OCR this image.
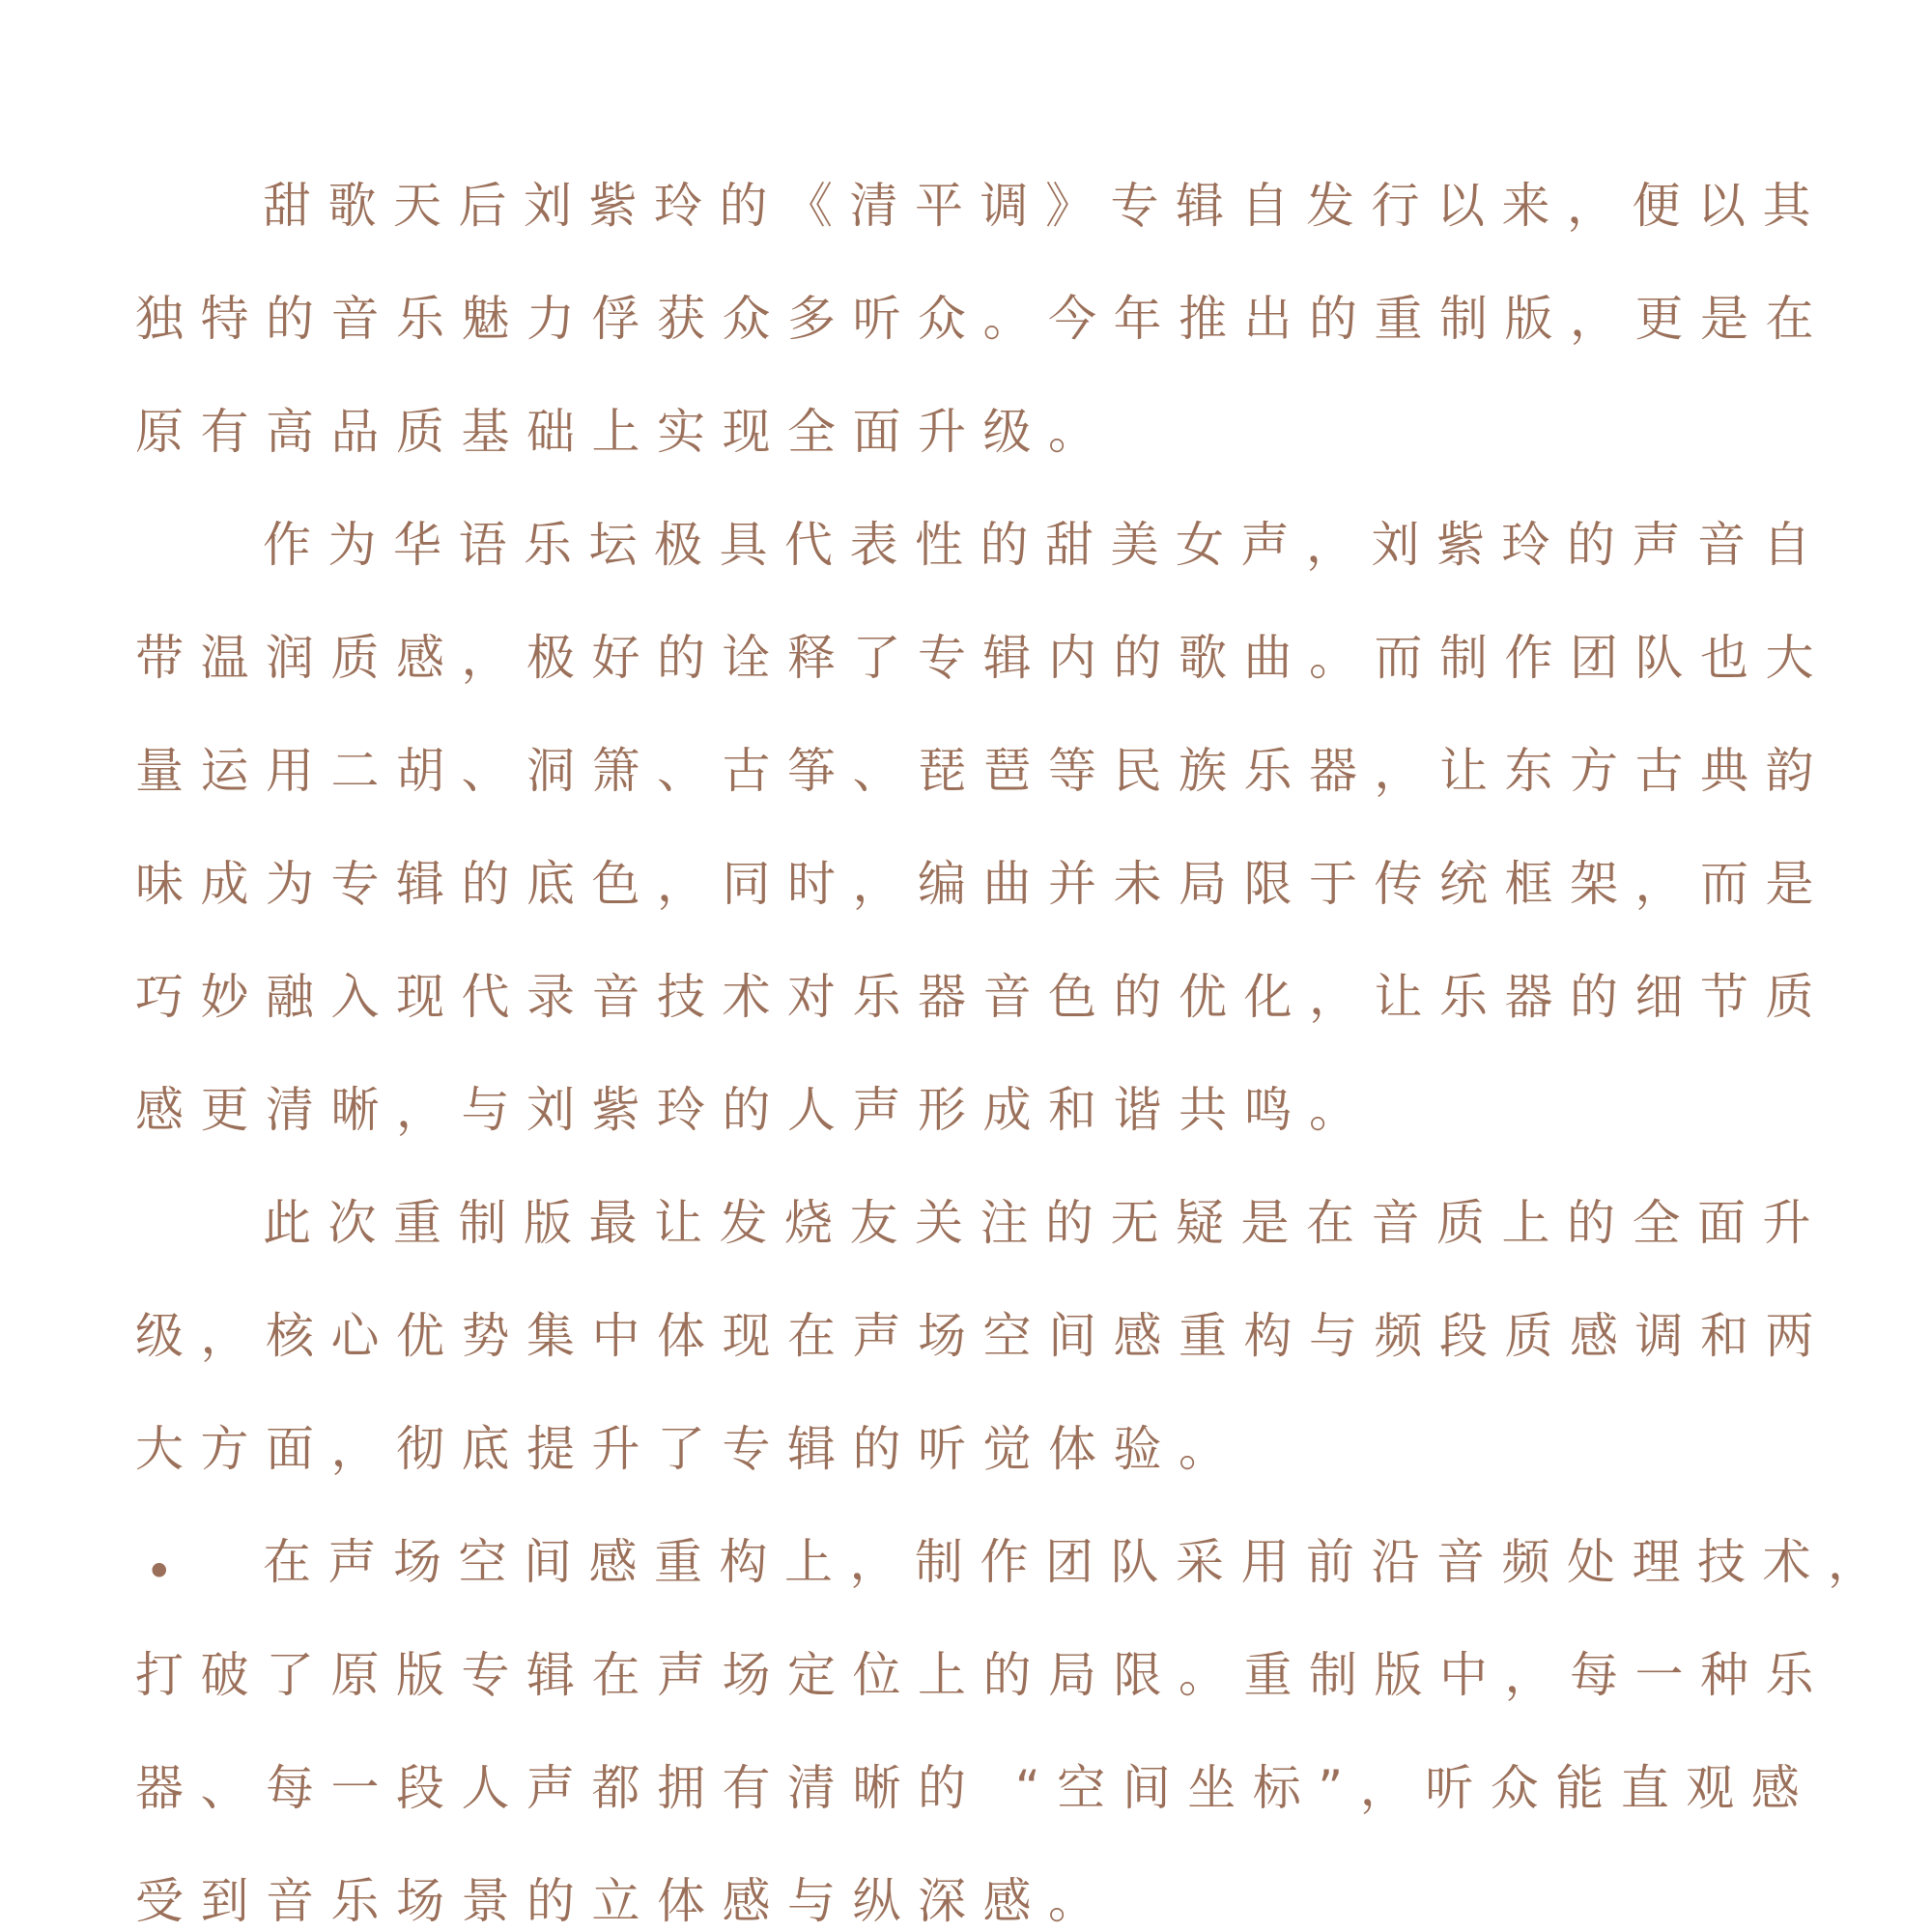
甜歌天后刘紫玲的《清平调》专辑自发行以来，便以其
独特的音乐魅力俘获众多听众。今年推出的重制版，更是在
原有高品质基础上实现全面升级。
作为华语乐坛极具代表性的甜美女声，刘紫玲的声音自
带温润质感，极好的诠释了专辑内的歌曲。而制作团队也大
量运用二胡、洞箫、古筝、琵琶等民族乐器，让东方古典韵
味成为专辑的底色，同时，编曲并未局限于传统框架，而是
巧妙融入现代录音技术对乐器音色的优化，让乐器的细节质
感更清晰，与刘紫玲的人声形成和谐共鸣。
此次重制版最让发烧友关注的无疑是在音质上的全面升
级，核心优势集中体现在声场空间感重构与频段质感调和两
大方面，彻底提升了专辑的听觉体验。
• 在声场空间感重构上，制作团队采用前沿音频处理技术，
打破了原版专辑在声场定位上的局限。重制版中，每一种乐
器、每一段人声都拥有清晰的 “空间坐标”，听众能直观感
受到音乐场景的立体感与纵深感。
